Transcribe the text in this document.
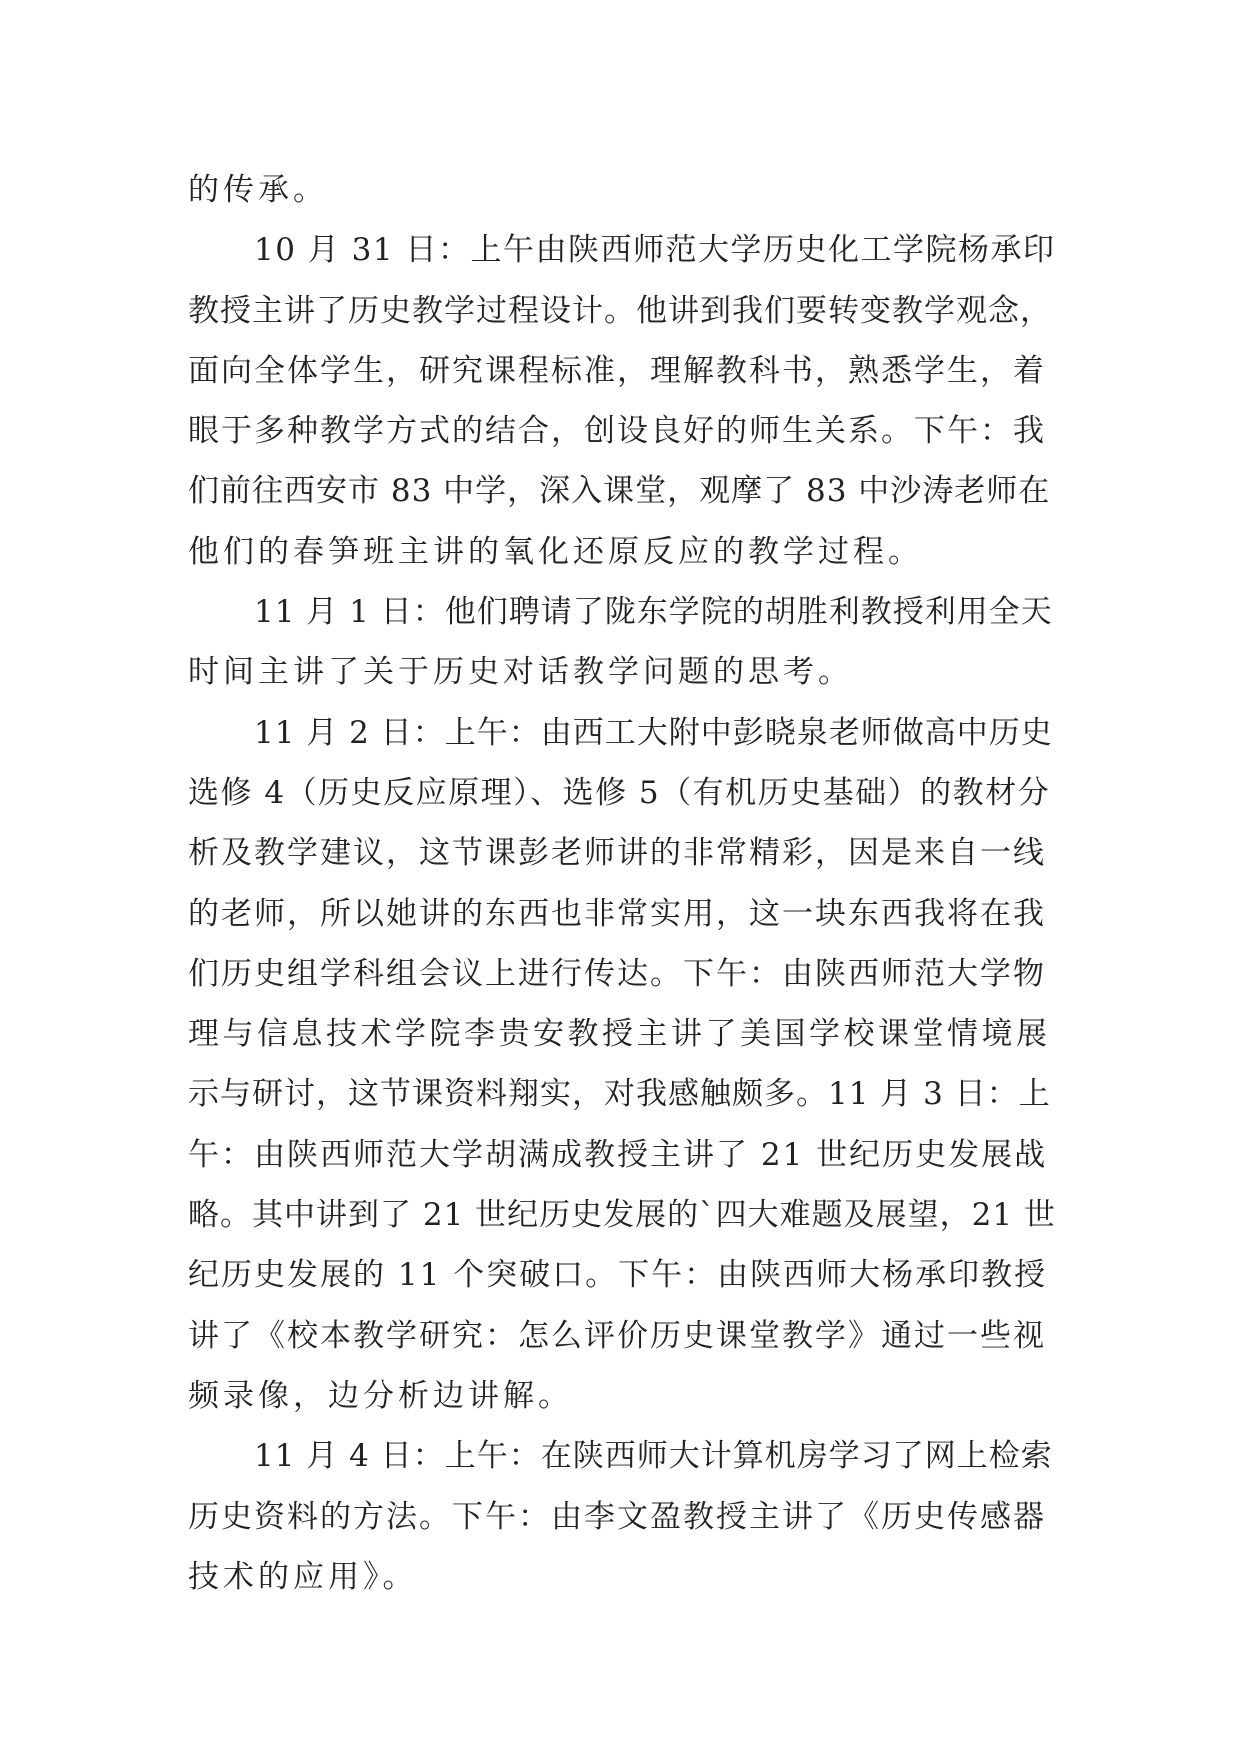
的传承。
10 月 31 日：上午由陕西师范大学历史化工学院杨承印
教授主讲了历史教学过程设计。他讲到我们要转变教学观念，
面向全体学生，研究课程标准，理解教科书，熟悉学生，着
眼于多种教学方式的结合，创设良好的师生关系。下午：我
们前往西安市 83 中学，深入课堂，观摩了 83 中沙涛老师在
他们的春笋班主讲的氧化还原反应的教学过程。
11 月 1 日：他们聘请了陇东学院的胡胜利教授利用全天
时间主讲了关于历史对话教学问题的思考。
11 月 2 日：上午：由西工大附中彭晓泉老师做高中历史
选修 4（历史反应原理）、选修 5（有机历史基础）的教材分
析及教学建议，这节课彭老师讲的非常精彩，因是来自一线
的老师，所以她讲的东西也非常实用，这一块东西我将在我
们历史组学科组会议上进行传达。下午：由陕西师范大学物
理与信息技术学院李贵安教授主讲了美国学校课堂情境展
示与研讨，这节课资料翔实，对我感触颇多。11 月 3 日：上
午：由陕西师范大学胡满成教授主讲了 21 世纪历史发展战
略。其中讲到了 21 世纪历史发展的`四大难题及展望，21 世
纪历史发展的 11 个突破口。下午：由陕西师大杨承印教授
讲了《校本教学研究：怎么评价历史课堂教学》通过一些视
频录像，边分析边讲解。
11 月 4 日：上午：在陕西师大计算机房学习了网上检索
历史资料的方法。下午：由李文盈教授主讲了《历史传感器
技术的应用》。
